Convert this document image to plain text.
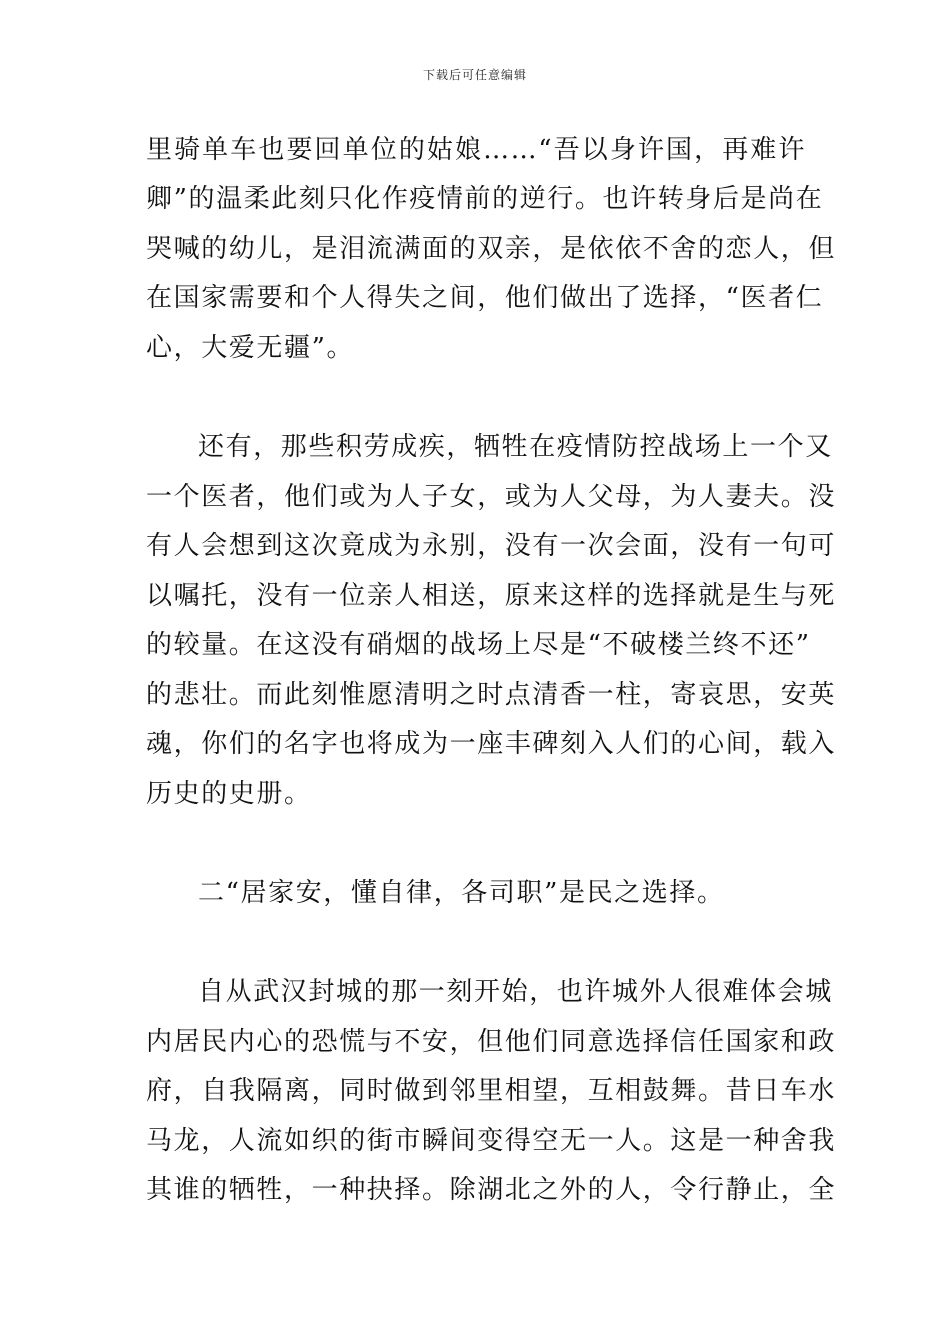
下载后可任意编辑
里骑单车也要回单位的姑娘……“吾以身许国，再难许
卿”的温柔此刻只化作疫情前的逆行。也许转身后是尚在
哭喊的幼儿，是泪流满面的双亲，是依依不舍的恋人，但
在国家需要和个人得失之间，他们做出了选择，“医者仁
心，大爱无疆”。
还有，那些积劳成疾，牺牲在疫情防控战场上一个又
一个医者，他们或为人子女，或为人父母，为人妻夫。没
有人会想到这次竟成为永别，没有一次会面，没有一句可
以嘱托，没有一位亲人相送，原来这样的选择就是生与死
的较量。在这没有硝烟的战场上尽是“不破楼兰终不还”
的悲壮。而此刻惟愿清明之时点清香一柱，寄哀思，安英
魂，你们的名字也将成为一座丰碑刻入人们的心间，载入
历史的史册。
二“居家安，懂自律，各司职”是民之选择。
自从武汉封城的那一刻开始，也许城外人很难体会城
内居民内心的恐慌与不安，但他们同意选择信任国家和政
府，自我隔离，同时做到邻里相望，互相鼓舞。昔日车水
马龙，人流如织的街市瞬间变得空无一人。这是一种舍我
其谁的牺牲，一种抉择。除湖北之外的人，令行静止，全
